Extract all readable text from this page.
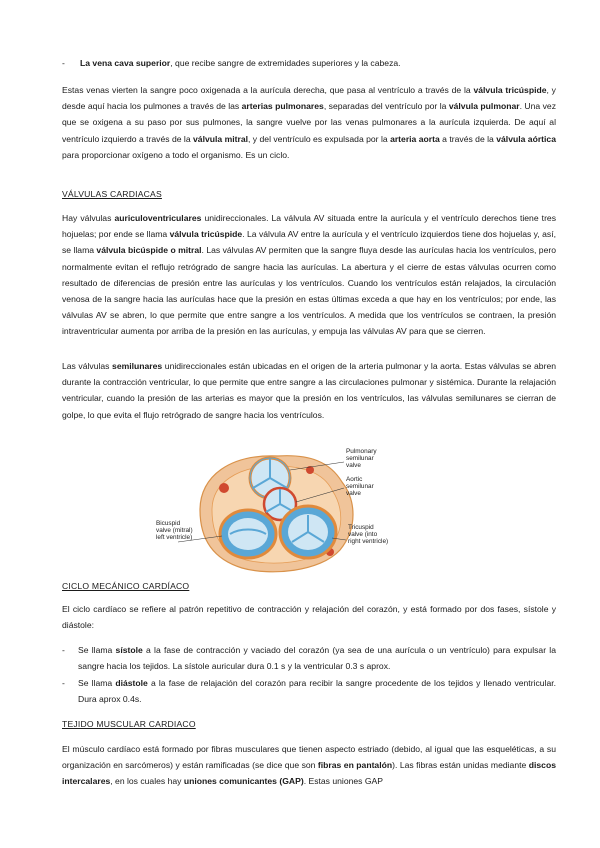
- La vena cava superior, que recibe sangre de extremidades superiores y la cabeza.

Estas venas vierten la sangre poco oxigenada a la aurícula derecha, que pasa al ventrículo a través de la válvula tricúspide, y desde aquí hacia los pulmones a través de las arterias pulmonares, separadas del ventrículo por la válvula pulmonar. Una vez que se oxigena a su paso por sus pulmones, la sangre vuelve por las venas pulmonares a la aurícula izquierda. De aquí al ventrículo izquierdo a través de la válvula mitral, y del ventrículo es expulsada por la arteria aorta a través de la válvula aórtica para proporcionar oxígeno a todo el organismo. Es un ciclo.

VÁLVULAS CARDIACAS

Hay válvulas auriculoventriculares unidireccionales. La válvula AV situada entre la aurícula y el ventrículo derechos tiene tres hojuelas; por ende se llama válvula tricúspide. La válvula AV entre la aurícula y el ventrículo izquierdos tiene dos hojuelas y, así, se llama válvula bicúspide o mitral. Las válvulas AV permiten que la sangre fluya desde las aurículas hacia los ventrículos, pero normalmente evitan el reflujo retrógrado de sangre hacia las aurículas. La abertura y el cierre de estas válvulas ocurren como resultado de diferencias de presión entre las aurículas y los ventrículos. Cuando los ventrículos están relajados, la circulación venosa de la sangre hacia las aurículas hace que la presión en estas últimas exceda a que hay en los ventrículos; por ende, las válvulas AV se abren, lo que permite que entre sangre a los ventrículos. A medida que los ventrículos se contraen, la presión intraventricular aumenta por arriba de la presión en las aurículas, y empuja las válvulas AV para que se cierren.

Las válvulas semilunares unidireccionales están ubicadas en el origen de la arteria pulmonar y la aorta. Estas válvulas se abren durante la contracción ventricular, lo que permite que entre sangre a las circulaciones pulmonar y sistémica. Durante la relajación ventricular, cuando la presión de las arterias es mayor que la presión en los ventrículos, las válvulas semilunares se cierran de golpe, lo que evita el flujo retrógrado de sangre hacia los ventrículos.

Pulmonary
semilunar
valve
Aortic
semilunar
valve
Bicuspid
valve (mitral)
left ventricle)
Tricuspid
valve (into
right ventricle)

CICLO MECÁNICO CARDÍACO

El ciclo cardíaco se refiere al patrón repetitivo de contracción y relajación del corazón, y está formado por dos fases, sístole y diástole:

- Se llama sístole a la fase de contracción y vaciado del corazón (ya sea de una aurícula o un ventrículo) para expulsar la sangre hacia los tejidos. La sístole auricular dura 0.1 s y la ventricular 0.3 s aprox.

- Se llama diástole a la fase de relajación del corazón para recibir la sangre procedente de los tejidos y llenado ventricular. Dura aprox 0.4s.

TEJIDO MUSCULAR CARDIACO

El músculo cardíaco está formado por fibras musculares que tienen aspecto estriado (debido, al igual que las esqueléticas, a su organización en sarcómeros) y están ramificadas (se dice que son fibras en pantalón). Las fibras están unidas mediante discos intercalares, en los cuales hay uniones comunicantes (GAP). Estas uniones GAP
